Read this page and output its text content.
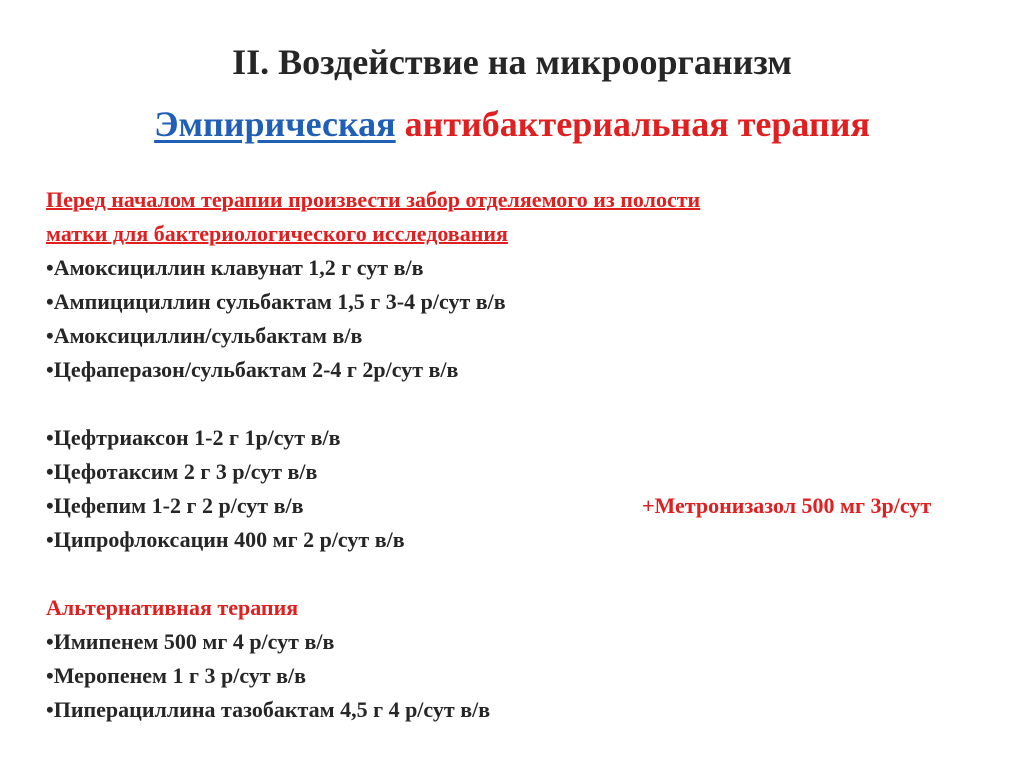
II. Воздействие на микроорганизм
Эмпирическая антибактериальная терапия
Перед началом терапии произвести забор отделяемого из полости
матки для бактериологического исследования
•Амоксициллин клавунат 1,2 г сут в/в
•Ампициц‌иллин сульбактам 1,5 г 3-4 р/сут в/в
•Амоксициллин/сульбактам в/в
•Цефаперазон/сульбактам 2-4 г 2р/сут в/в
•Цефтриаксон 1-2 г 1р/сут в/в
•Цефотаксим 2 г 3 р/сут в/в
•Цефепим 1-2 г 2 р/сут в/в	+Метронизазол 500 мг 3р/сут
•Ципрофлоксацин 400 мг 2 р/сут в/в
Альтернативная терапия
•Имипенем 500 мг 4 р/сут в/в
•Меропенем 1 г 3 р/сут в/в
•Пиперациллина тазобактам 4,5 г 4 р/сут в/в
